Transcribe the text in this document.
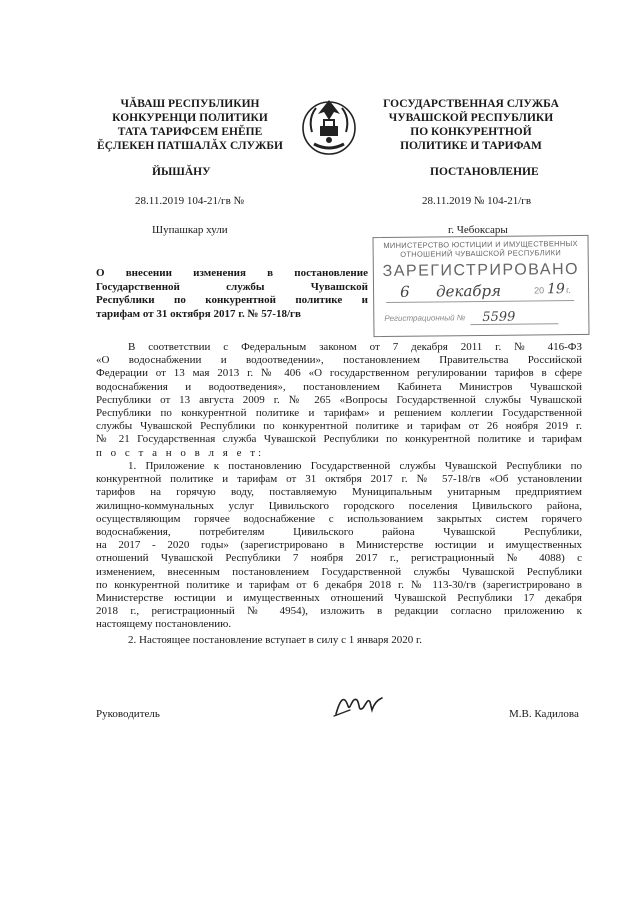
ЧĂВАШ РЕСПУБЛИКИН
КОНКУРЕНЦИ ПОЛИТИКИ
ТАТА ТАРИФСЕМ ЕНĔПЕ
ĔÇЛЕКЕН ПАТШАЛĂХ СЛУЖБИ
ГОСУДАРСТВЕННАЯ СЛУЖБА
ЧУВАШСКОЙ РЕСПУБЛИКИ
ПО КОНКУРЕНТНОЙ
ПОЛИТИКЕ И ТАРИФАМ
ЙЫШĂНУ	ПОСТАНОВЛЕНИЕ
28.11.2019 104-21/гв №	28.11.2019 № 104-21/гв
Шупашкар хули	г. Чебоксары
МИНИСТЕРСТВО ЮСТИЦИИ И ИМУЩЕСТВЕННЫХ
ОТНОШЕНИЙ ЧУВАШСКОЙ РЕСПУБЛИКИ
ЗАРЕГИСТРИРОВАНО
6 декабря	20 19 г.
Регистрационный № 5599
О внесении изменения в постановление
Государственной службы Чувашской
Республики по конкурентной политике и
тарифам от 31 октября 2017 г. № 57-18/гв
В соответствии с Федеральным законом от 7 декабря 2011 г. № 416-ФЗ
«О водоснабжении и водоотведении», постановлением Правительства Российской
Федерации от 13 мая 2013 г. № 406 «О государственном регулировании тарифов в сфере
водоснабжения и водоотведения», постановлением Кабинета Министров Чувашской
Республики от 13 августа 2009 г. № 265 «Вопросы Государственной службы Чувашской
Республики по конкурентной политике и тарифам» и решением коллегии Государственной
службы Чувашской Республики по конкурентной политике и тарифам от 26 ноября 2019 г.
№ 21 Государственная служба Чувашской Республики по конкурентной политике и тарифам
п о с т а н о в л я е т:
1. Приложение к постановлению Государственной службы Чувашской Республики по
конкурентной политике и тарифам от 31 октября 2017 г. № 57-18/гв «Об установлении
тарифов на горячую воду, поставляемую Муниципальным унитарным предприятием
жилищно-коммунальных услуг Цивильского городского поселения Цивильского района,
осуществляющим горячее водоснабжение с использованием закрытых систем горячего
водоснабжения, потребителям Цивильского района Чувашской Республики,
на 2017 - 2020 годы» (зарегистрировано в Министерстве юстиции и имущественных
отношений Чувашской Республики 7 ноября 2017 г., регистрационный № 4088) с
изменением, внесенным постановлением Государственной службы Чувашской Республики
по конкурентной политике и тарифам от 6 декабря 2018 г. № 113-30/гв (зарегистрировано в
Министерстве юстиции и имущественных отношений Чувашской Республики 17 декабря
2018 г., регистрационный № 4954), изложить в редакции согласно приложению к
настоящему постановлению.
2. Настоящее постановление вступает в силу с 1 января 2020 г.
Руководитель	М.В. Кадилова
